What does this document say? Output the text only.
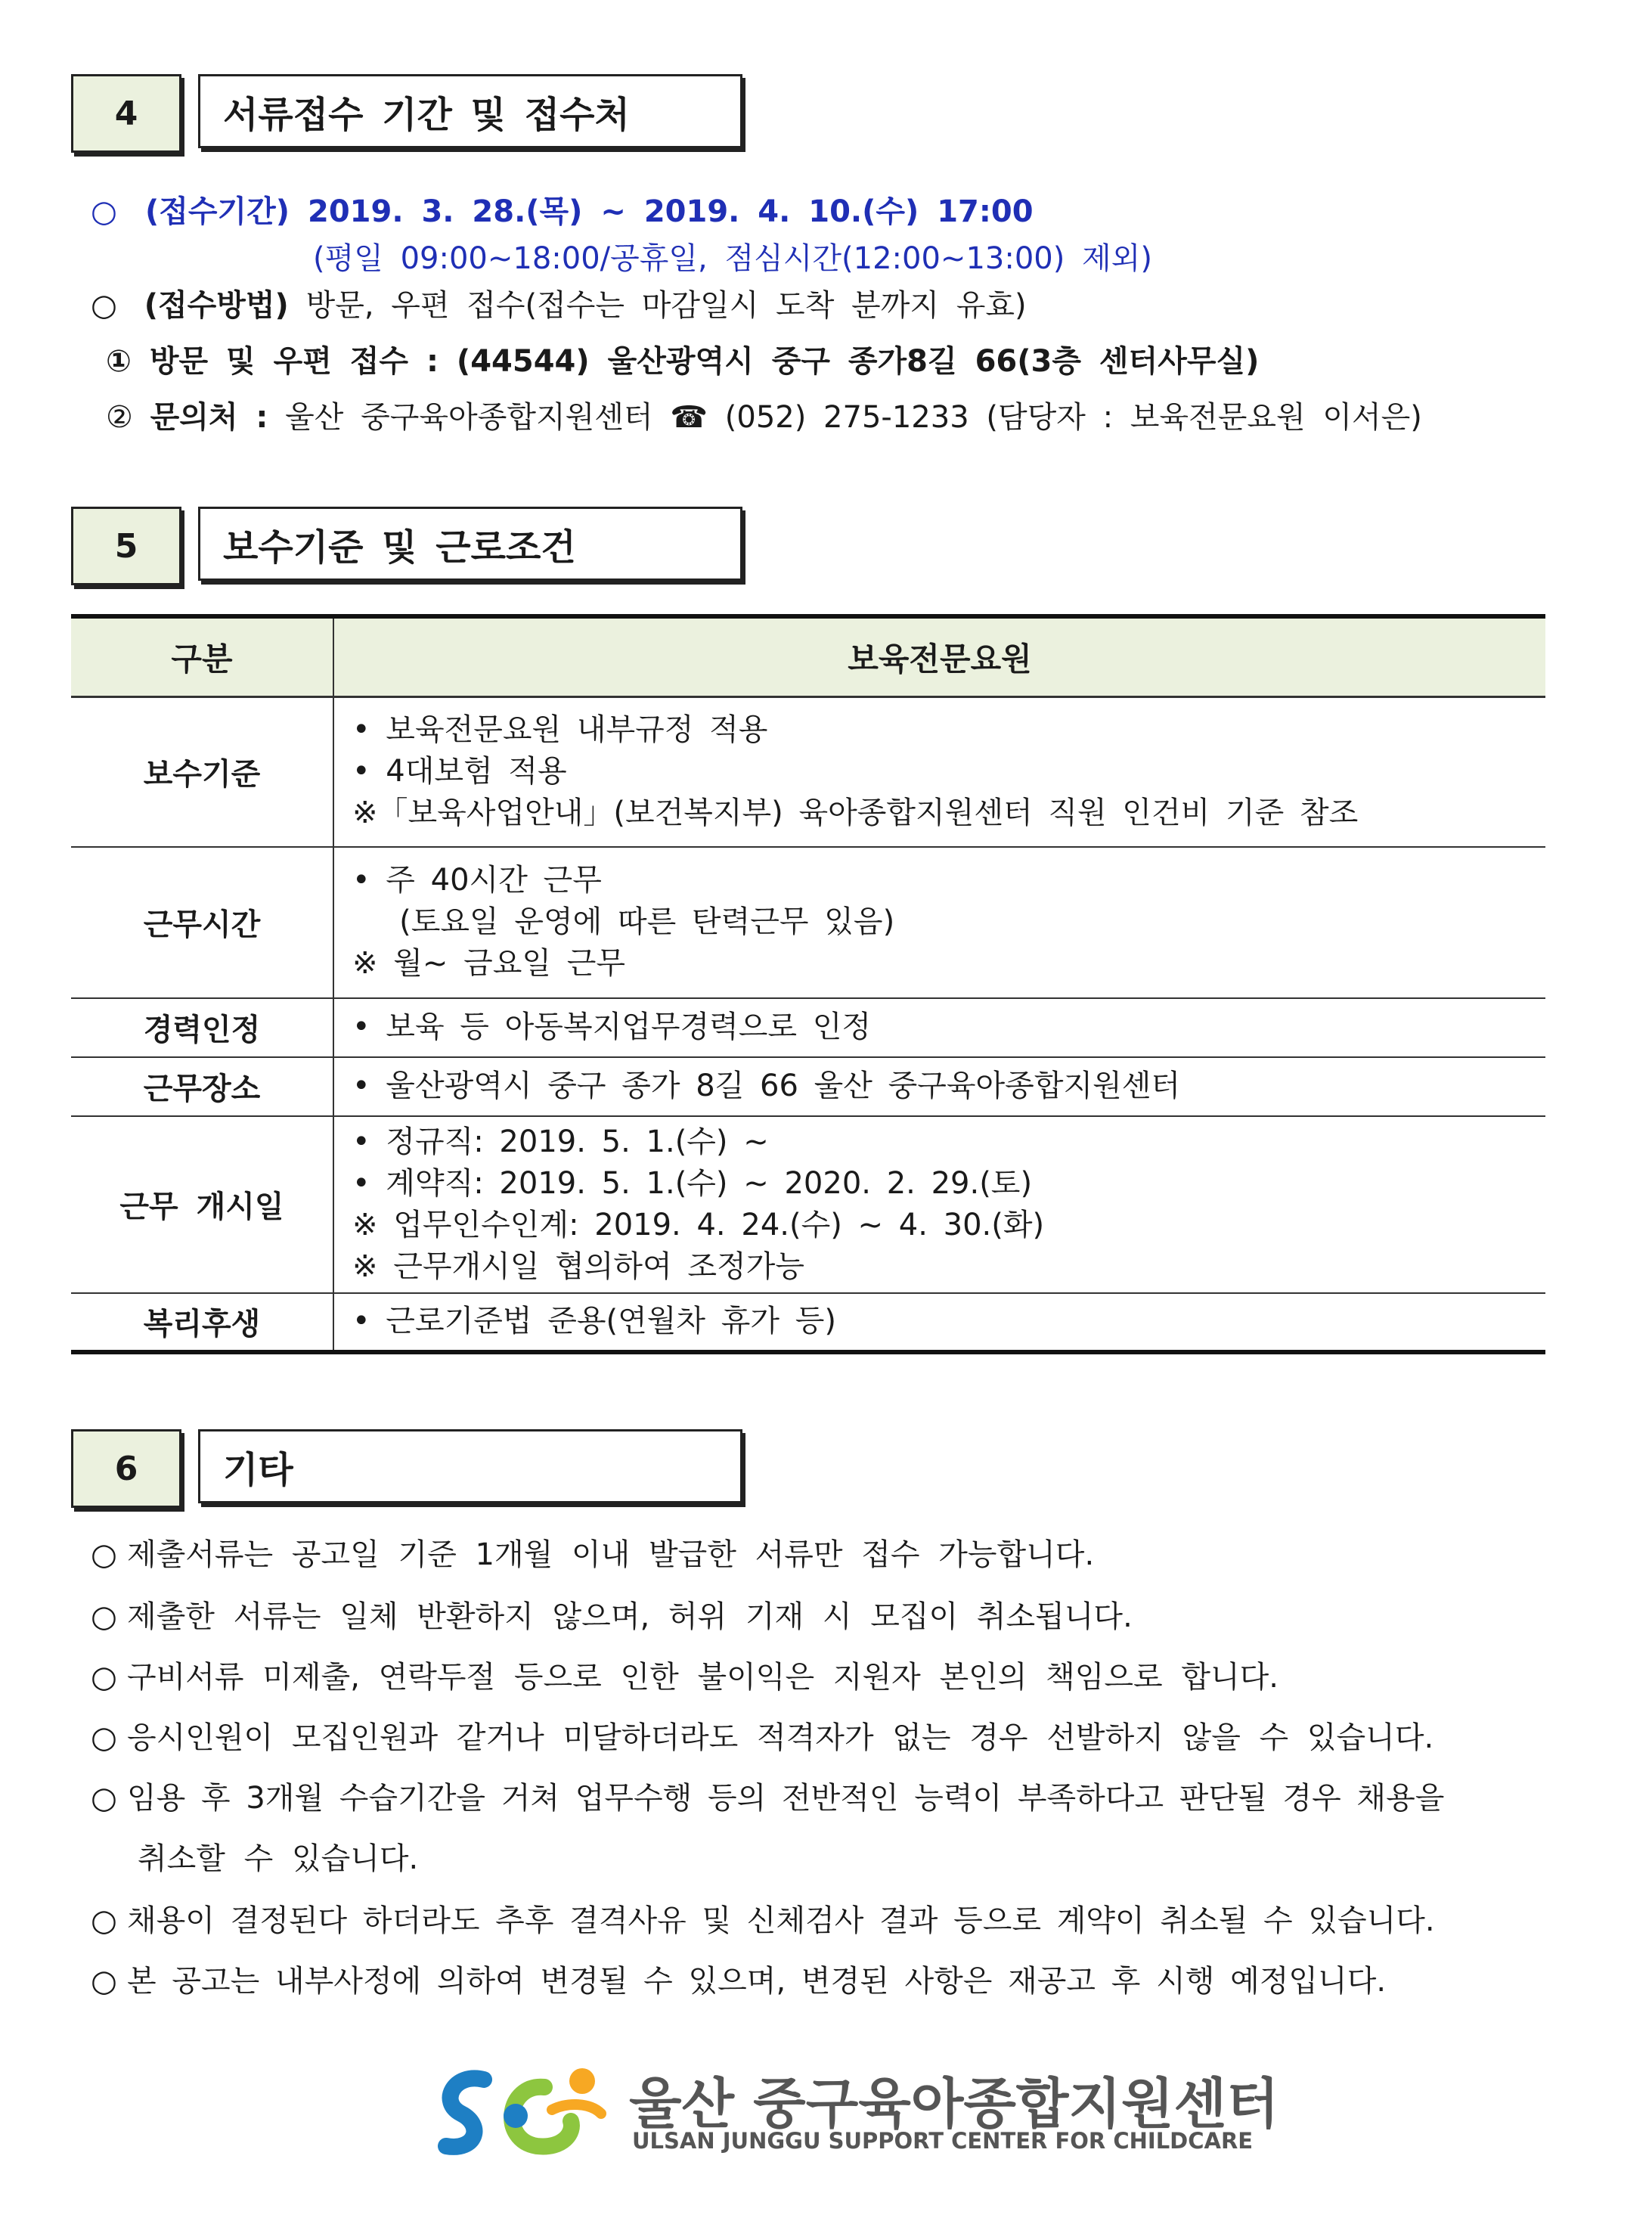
4	서류접수 기간 및 접수처
○ (접수기간) 2019. 3. 28.(목) ~ 2019. 4. 10.(수) 17:00
(평일 09:00~18:00/공휴일, 점심시간(12:00~13:00) 제외)
○ (접수방법) 방문, 우편 접수(접수는 마감일시 도착 분까지 유효)
① 방문 및 우편 접수 : (44544) 울산광역시 중구 종가8길 66(3층 센터사무실)
② 문의처 : 울산 중구육아종합지원센터 ☎ (052) 275-1233 (담당자 : 보육전문요원 이서은)
5	보수기준 및 근로조건
구분	보육전문요원
보수기준	• 보육전문요원 내부규정 적용
• 4대보험 적용
※「보육사업안내」(보건복지부) 육아종합지원센터 직원 인건비 기준 참조

근무시간	• 주 40시간 근무
(토요일 운영에 따른 탄력근무 있음)
※ 월~ 금요일 근무

경력인정	• 보육 등 아동복지업무경력으로 인정

근무장소	• 울산광역시 중구 종가 8길 66 울산 중구육아종합지원센터

근무 개시일	• 정규직: 2019. 5. 1.(수) ~
• 계약직: 2019. 5. 1.(수) ~ 2020. 2. 29.(토)
※ 업무인수인계: 2019. 4. 24.(수) ~ 4. 30.(화)
※ 근무개시일 협의하여 조정가능

복리후생	• 근로기준법 준용(연월차 휴가 등)
6	기타
○ 제출서류는 공고일 기준 1개월 이내 발급한 서류만 접수 가능합니다.
○ 제출한 서류는 일체 반환하지 않으며, 허위 기재 시 모집이 취소됩니다.
○ 구비서류 미제출, 연락두절 등으로 인한 불이익은 지원자 본인의 책임으로 합니다.
○ 응시인원이 모집인원과 같거나 미달하더라도 적격자가 없는 경우 선발하지 않을 수 있습니다.
○ 임용 후 3개월 수습기간을 거쳐 업무수행 등의 전반적인 능력이 부족하다고 판단될 경우 채용을
취소할 수 있습니다.
○ 채용이 결정된다 하더라도 추후 결격사유 및 신체검사 결과 등으로 계약이 취소될 수 있습니다.
○ 본 공고는 내부사정에 의하여 변경될 수 있으며, 변경된 사항은 재공고 후 시행 예정입니다.
울산 중구육아종합지원센터
ULSAN JUNGGU SUPPORT CENTER FOR CHILDCARE
